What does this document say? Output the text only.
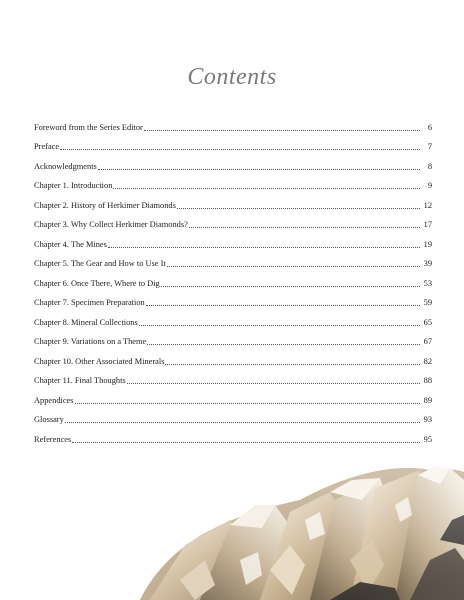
Contents
Foreword from the Series Editor	6
Preface	7
Acknowledgments	8
Chapter 1. Introduction	9
Chapter 2. History of Herkimer Diamonds	12
Chapter 3. Why Collect Herkimer Diamonds?	17
Chapter 4. The Mines	19
Chapter 5. The Gear and How to Use It	39
Chapter 6. Once There, Where to Dig	53
Chapter 7. Specimen Preparation	59
Chapter 8. Mineral Collections	65
Chapter 9. Variations on a Theme	67
Chapter 10. Other Associated Minerals	82
Chapter 11. Final Thoughts	88
Appendices	89
Glossary	93
References	95
